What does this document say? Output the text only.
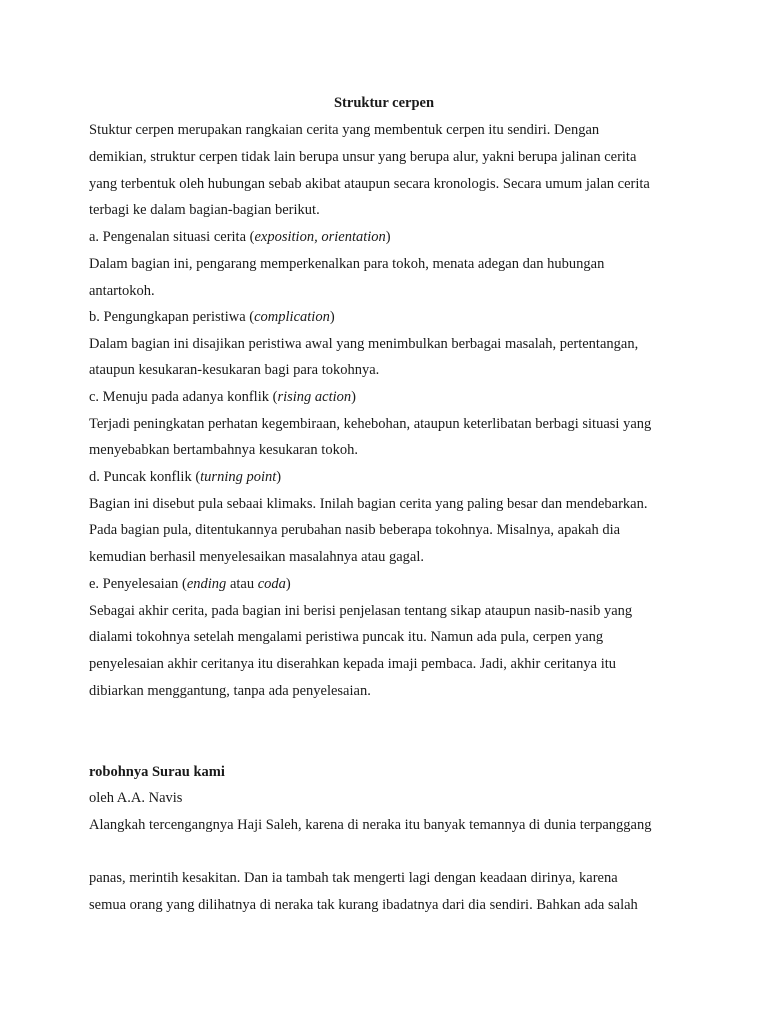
Struktur cerpen
Stuktur cerpen merupakan rangkaian cerita yang membentuk cerpen itu sendiri. Dengan
demikian, struktur cerpen tidak lain berupa unsur yang berupa alur, yakni berupa jalinan cerita
yang terbentuk oleh hubungan sebab akibat ataupun secara kronologis. Secara umum jalan cerita
terbagi ke dalam bagian-bagian berikut.
a. Pengenalan situasi cerita (exposition, orientation)
Dalam bagian ini, pengarang memperkenalkan para tokoh, menata adegan dan hubungan
antartokoh.
b. Pengungkapan peristiwa (complication)
Dalam bagian ini disajikan peristiwa awal yang menimbulkan berbagai masalah, pertentangan,
ataupun kesukaran-kesukaran bagi para tokohnya.
c. Menuju pada adanya konflik (rising action)
Terjadi peningkatan perhatan kegembiraan, kehebohan, ataupun keterlibatan berbagi situasi yang
menyebabkan bertambahnya kesukaran tokoh.
d. Puncak konflik (turning point)
Bagian ini disebut pula sebaai klimaks. Inilah bagian cerita yang paling besar dan mendebarkan.
Pada bagian pula, ditentukannya perubahan nasib beberapa tokohnya. Misalnya, apakah dia
kemudian berhasil menyelesaikan masalahnya atau gagal.
e. Penyelesaian (ending atau coda)
Sebagai akhir cerita, pada bagian ini berisi penjelasan tentang sikap ataupun nasib-nasib yang
dialami tokohnya setelah mengalami peristiwa puncak itu. Namun ada pula, cerpen yang
penyelesaian akhir ceritanya itu diserahkan kepada imaji pembaca. Jadi, akhir ceritanya itu
dibiarkan menggantung, tanpa ada penyelesaian.
robohnya Surau kami
oleh A.A. Navis
Alangkah tercengangnya Haji Saleh, karena di neraka itu banyak temannya di dunia terpanggang
panas, merintih kesakitan. Dan ia tambah tak mengerti lagi dengan keadaan dirinya, karena
semua orang yang dilihatnya di neraka tak kurang ibadatnya dari dia sendiri. Bahkan ada salah
